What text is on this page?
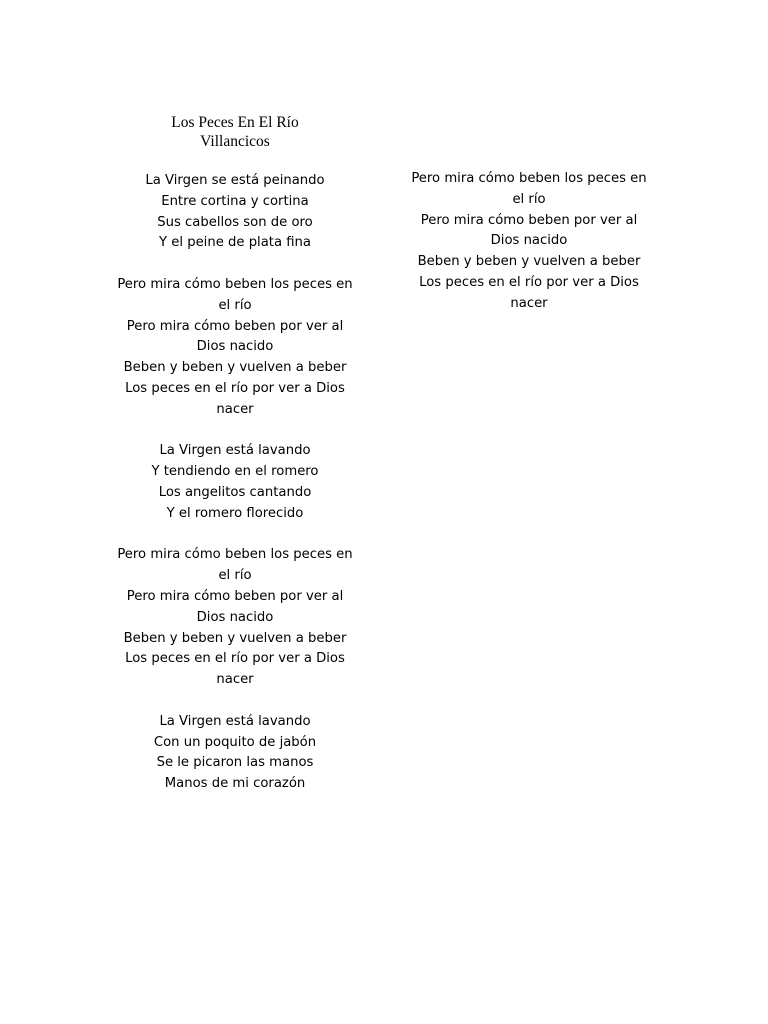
Los Peces En El Río
Villancicos
La Virgen se está peinando
Entre cortina y cortina
Sus cabellos son de oro
Y el peine de plata fina
Pero mira cómo beben los peces en
el río
Pero mira cómo beben por ver al
Dios nacido
Beben y beben y vuelven a beber
Los peces en el río por ver a Dios
nacer
La Virgen está lavando
Y tendiendo en el romero
Los angelitos cantando
Y el romero florecido
Pero mira cómo beben los peces en
el río
Pero mira cómo beben por ver al
Dios nacido
Beben y beben y vuelven a beber
Los peces en el río por ver a Dios
nacer
La Virgen está lavando
Con un poquito de jabón
Se le picaron las manos
Manos de mi corazón
Pero mira cómo beben los peces en
el río
Pero mira cómo beben por ver al
Dios nacido
Beben y beben y vuelven a beber
Los peces en el río por ver a Dios
nacer
